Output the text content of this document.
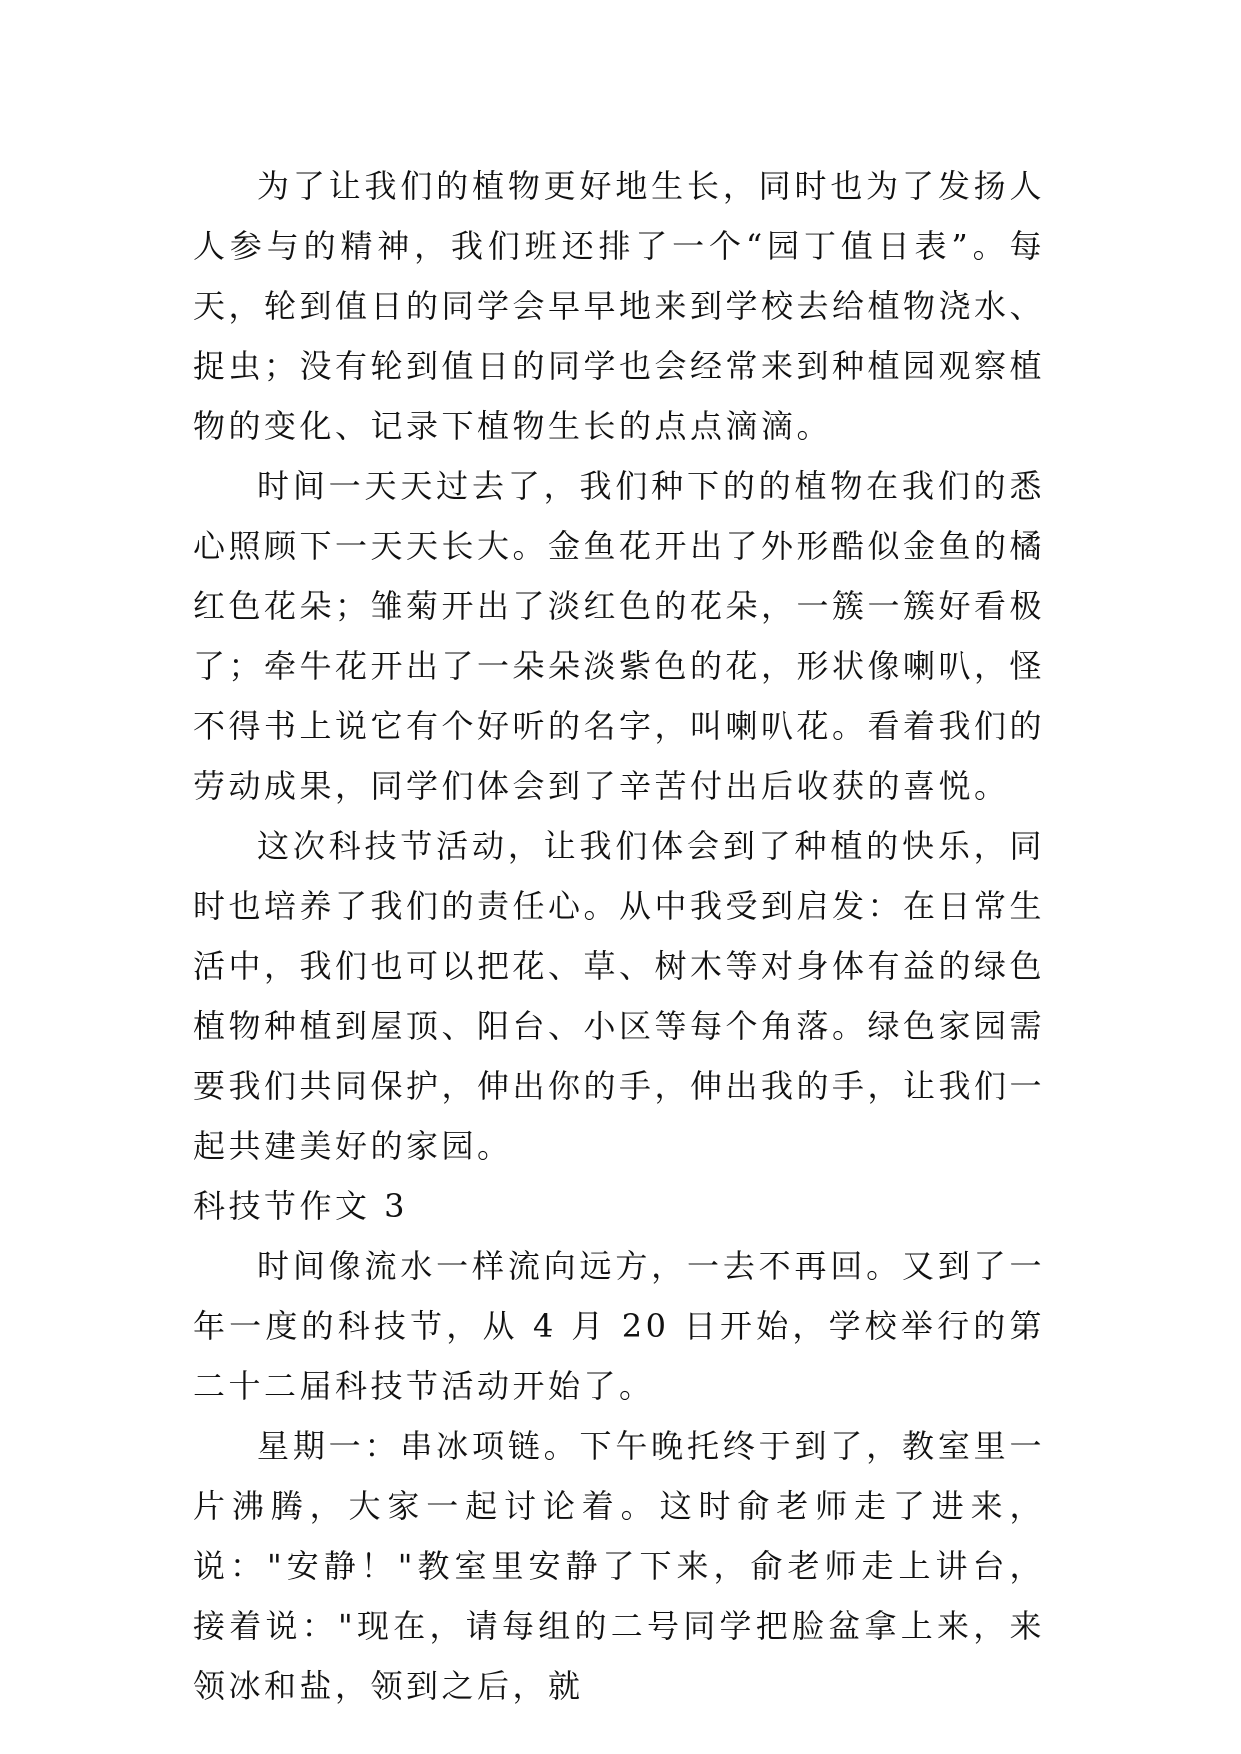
为了让我们的植物更好地生长，同时也为了发扬人人参与的精神，我们班还排了一个“园丁值日表”。每天，轮到值日的同学会早早地来到学校去给植物浇水、捉虫；没有轮到值日的同学也会经常来到种植园观察植物的变化、记录下植物生长的点点滴滴。

时间一天天过去了，我们种下的的植物在我们的悉心照顾下一天天长大。金鱼花开出了外形酷似金鱼的橘红色花朵；雏菊开出了淡红色的花朵，一簇一簇好看极了；牵牛花开出了一朵朵淡紫色的花，形状像喇叭，怪不得书上说它有个好听的名字，叫喇叭花。看着我们的劳动成果，同学们体会到了辛苦付出后收获的喜悦。

这次科技节活动，让我们体会到了种植的快乐，同时也培养了我们的责任心。从中我受到启发：在日常生活中，我们也可以把花、草、树木等对身体有益的绿色植物种植到屋顶、阳台、小区等每个角落。绿色家园需要我们共同保护，伸出你的手，伸出我的手，让我们一起共建美好的家园。

科技节作文 3

时间像流水一样流向远方，一去不再回。又到了一年一度的科技节，从 4 月 20 日开始，学校举行的第二十二届科技节活动开始了。

星期一：串冰项链。下午晚托终于到了，教室里一片沸腾，大家一起讨论着。这时俞老师走了进来，说："安静！"教室里安静了下来，俞老师走上讲台，接着说："现在，请每组的二号同学把脸盆拿上来，来领冰和盐，领到之后，就
